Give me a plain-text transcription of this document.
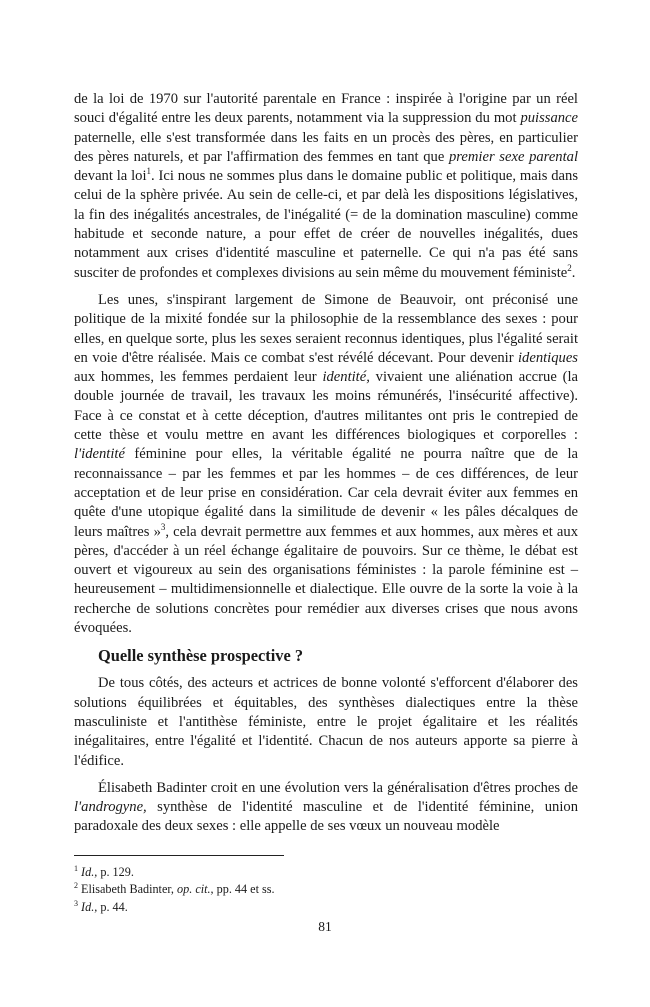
de la loi de 1970 sur l'autorité parentale en France : inspirée à l'origine par un réel souci d'égalité entre les deux parents, notamment via la suppression du mot puissance paternelle, elle s'est transformée dans les faits en un procès des pères, en particulier des pères naturels, et par l'affirmation des femmes en tant que premier sexe parental devant la loi$^1$. Ici nous ne sommes plus dans le domaine public et politique, mais dans celui de la sphère privée. Au sein de celle-ci, et par delà les dispositions législatives, la fin des inégalités ancestrales, de l'inégalité (= de la domination masculine) comme habitude et seconde nature, a pour effet de créer de nouvelles inégalités, dues notamment aux crises d'identité masculine et paternelle. Ce qui n'a pas été sans susciter de profondes et complexes divisions au sein même du mouvement féministe$^2$.

Les unes, s'inspirant largement de Simone de Beauvoir, ont préconisé une politique de la mixité fondée sur la philosophie de la ressemblance des sexes : pour elles, en quelque sorte, plus les sexes seraient reconnus identiques, plus l'égalité serait en voie d'être réalisée. Mais ce combat s'est révélé décevant. Pour devenir identiques aux hommes, les femmes perdaient leur identité, vivaient une aliénation accrue (la double journée de travail, les travaux les moins rémunérés, l'insécurité affective). Face à ce constat et à cette déception, d'autres militantes ont pris le contrepied de cette thèse et voulu mettre en avant les différences biologiques et corporelles : l'identité féminine pour elles, la véritable égalité ne pourra naître que de la reconnaissance – par les femmes et par les hommes – de ces différences, de leur acceptation et de leur prise en considération. Car cela devrait éviter aux femmes en quête d'une utopique égalité dans la similitude de devenir « les pâles décalques de leurs maîtres »$^3$, cela devrait permettre aux femmes et aux hommes, aux mères et aux pères, d'accéder à un réel échange égalitaire de pouvoirs. Sur ce thème, le débat est ouvert et vigoureux au sein des organisations féministes : la parole féminine est – heureusement – multidimensionnelle et dialectique. Elle ouvre de la sorte la voie à la recherche de solutions concrètes pour remédier aux diverses crises que nous avons évoquées.

Quelle synthèse prospective ?

De tous côtés, des acteurs et actrices de bonne volonté s'efforcent d'élaborer des solutions équilibrées et équitables, des synthèses dialectiques entre la thèse masculiniste et l'antithèse féministe, entre le projet égalitaire et les réalités inégalitaires, entre l'égalité et l'identité. Chacun de nos auteurs apporte sa pierre à l'édifice.

Élisabeth Badinter croit en une évolution vers la généralisation d'êtres proches de l'androgyne, synthèse de l'identité masculine et de l'identité féminine, union paradoxale des deux sexes : elle appelle de ses vœux un nouveau modèle

$^1$ Id., p. 129.
$^2$ Elisabeth Badinter, op. cit., pp. 44 et ss.
$^3$ Id., p. 44.
81
